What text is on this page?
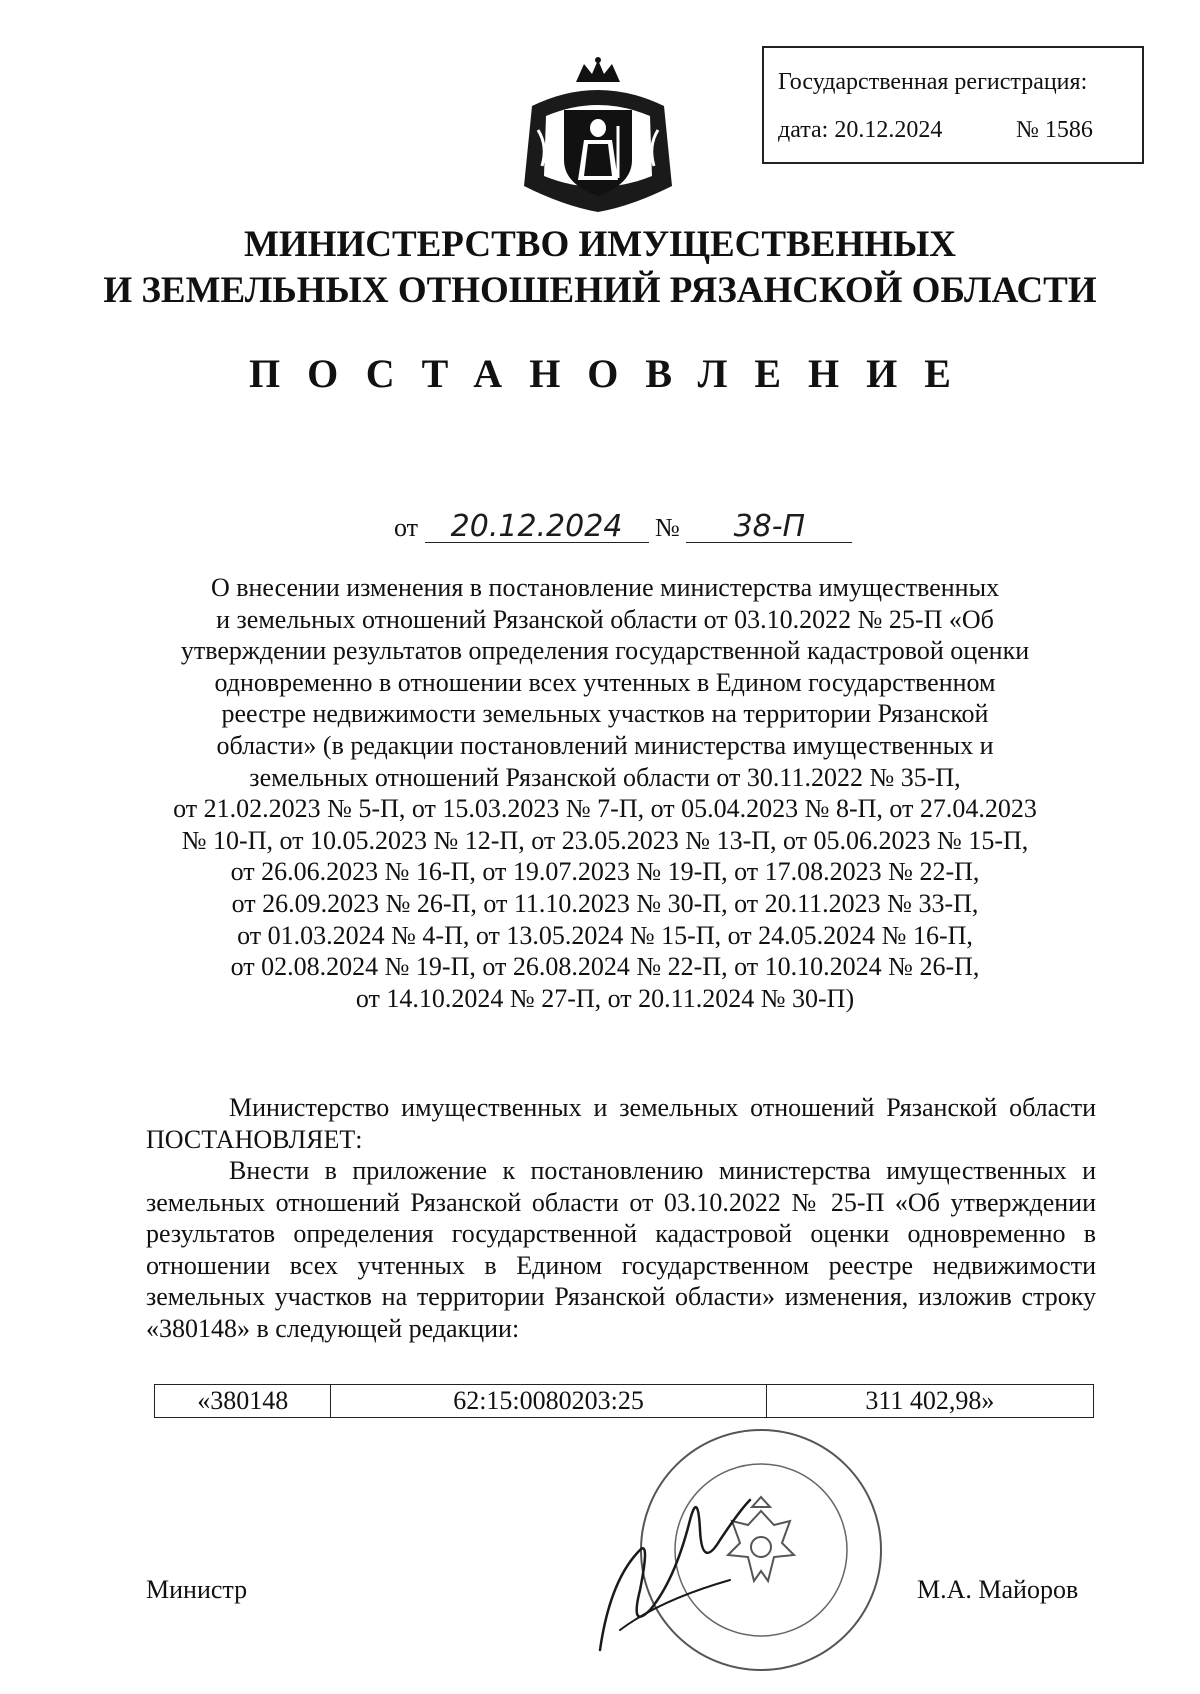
Государственная регистрация:
дата: 20.12.2024	№ 1586
МИНИСТЕРСТВО ИМУЩЕСТВЕННЫХ
И ЗЕМЕЛЬНЫХ ОТНОШЕНИЙ РЯЗАНСКОЙ ОБЛАСТИ
ПОСТАНОВЛЕНИЕ
от 20.12.2024 № 38-П
О внесении изменения в постановление министерства имущественных
и земельных отношений Рязанской области от 03.10.2022 № 25-П «Об
утверждении результатов определения государственной кадастровой оценки
одновременно в отношении всех учтенных в Едином государственном
реестре недвижимости земельных участков на территории Рязанской
области» (в редакции постановлений министерства имущественных и
земельных отношений Рязанской области от 30.11.2022 № 35-П,
от 21.02.2023 № 5-П, от 15.03.2023 № 7-П, от 05.04.2023 № 8-П, от 27.04.2023
№ 10-П, от 10.05.2023 № 12-П, от 23.05.2023 № 13-П, от 05.06.2023 № 15-П,
от 26.06.2023 № 16-П, от 19.07.2023 № 19-П, от 17.08.2023 № 22-П,
от 26.09.2023 № 26-П, от 11.10.2023 № 30-П, от 20.11.2023 № 33-П,
от 01.03.2024 № 4-П, от 13.05.2024 № 15-П, от 24.05.2024 № 16-П,
от 02.08.2024 № 19-П, от 26.08.2024 № 22-П, от 10.10.2024 № 26-П,
от 14.10.2024 № 27-П, от 20.11.2024 № 30-П)
Министерство имущественных и земельных отношений Рязанской области ПОСТАНОВЛЯЕТ:
Внести в приложение к постановлению министерства имущественных и земельных отношений Рязанской области от 03.10.2022 № 25-П «Об утверждении результатов определения государственной кадастровой оценки одновременно в отношении всех учтенных в Едином государственном реестре недвижимости земельных участков на территории Рязанской области» изменения, изложив строку «380148» в следующей редакции:
«380148	62:15:0080203:25	311 402,98»
Министр	М.А. Майоров
